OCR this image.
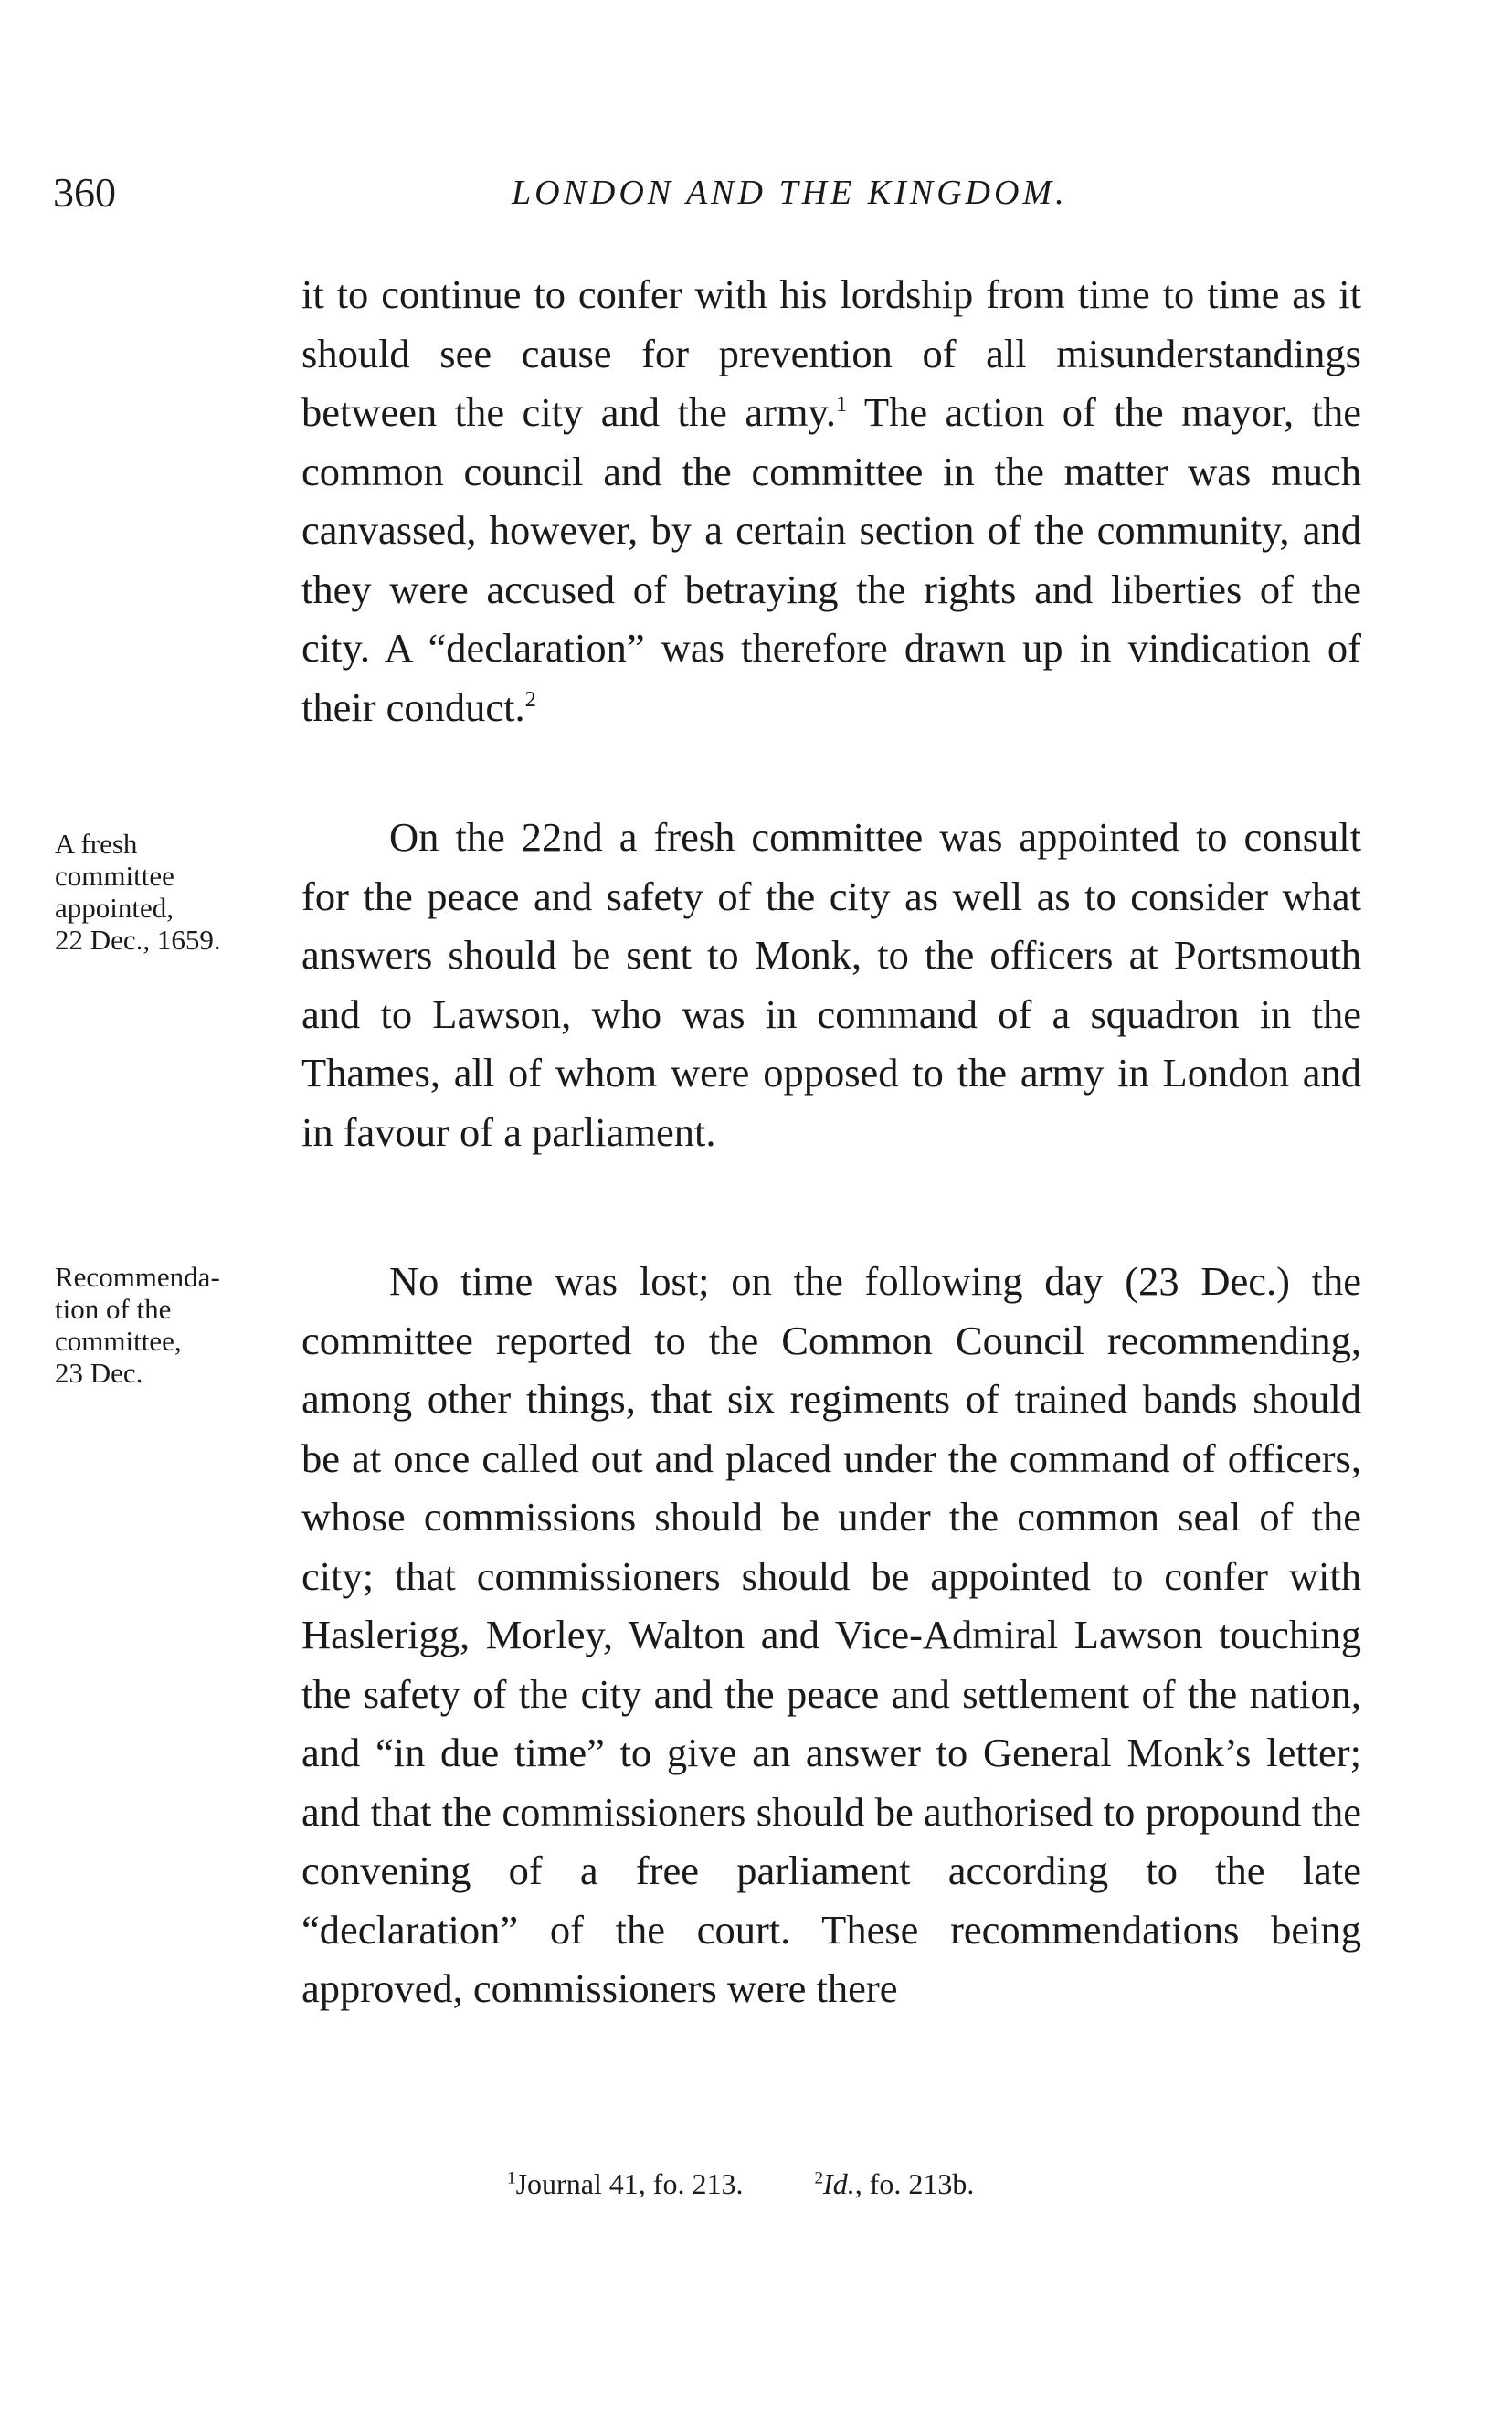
360	LONDON AND THE KINGDOM.

it to continue to confer with his lordship from time to time as it should see cause for prevention of all misunderstandings between the city and the army.$^1$ The action of the mayor, the common council and the committee in the matter was much canvassed, however, by a certain section of the community, and they were accused of betraying the rights and liberties of the city. A “declaration” was therefore drawn up in vindication of their conduct.$^2$

A fresh
committee
appointed,
22 Dec., 1659.

On the 22nd a fresh committee was appointed to consult for the peace and safety of the city as well as to consider what answers should be sent to Monk, to the officers at Portsmouth and to Lawson, who was in command of a squadron in the Thames, all of whom were opposed to the army in London and in favour of a parliament.

Recommenda-
tion of the
committee,
23 Dec.

No time was lost; on the following day (23 Dec.) the committee reported to the Common Council recommending, among other things, that six regiments of trained bands should be at once called out and placed under the command of officers, whose commissions should be under the common seal of the city; that commissioners should be appointed to confer with Haslerigg, Morley, Walton and Vice-Admiral Lawson touching the safety of the city and the peace and settlement of the nation, and “in due time” to give an answer to General Monk’s letter; and that the commissioners should be authorised to propound the convening of a free parliament according to the late “declaration” of the court. These recommendations being approved, commissioners were there

$^1$Journal 41, fo. 213.	$^2$Id., fo. 213b.
